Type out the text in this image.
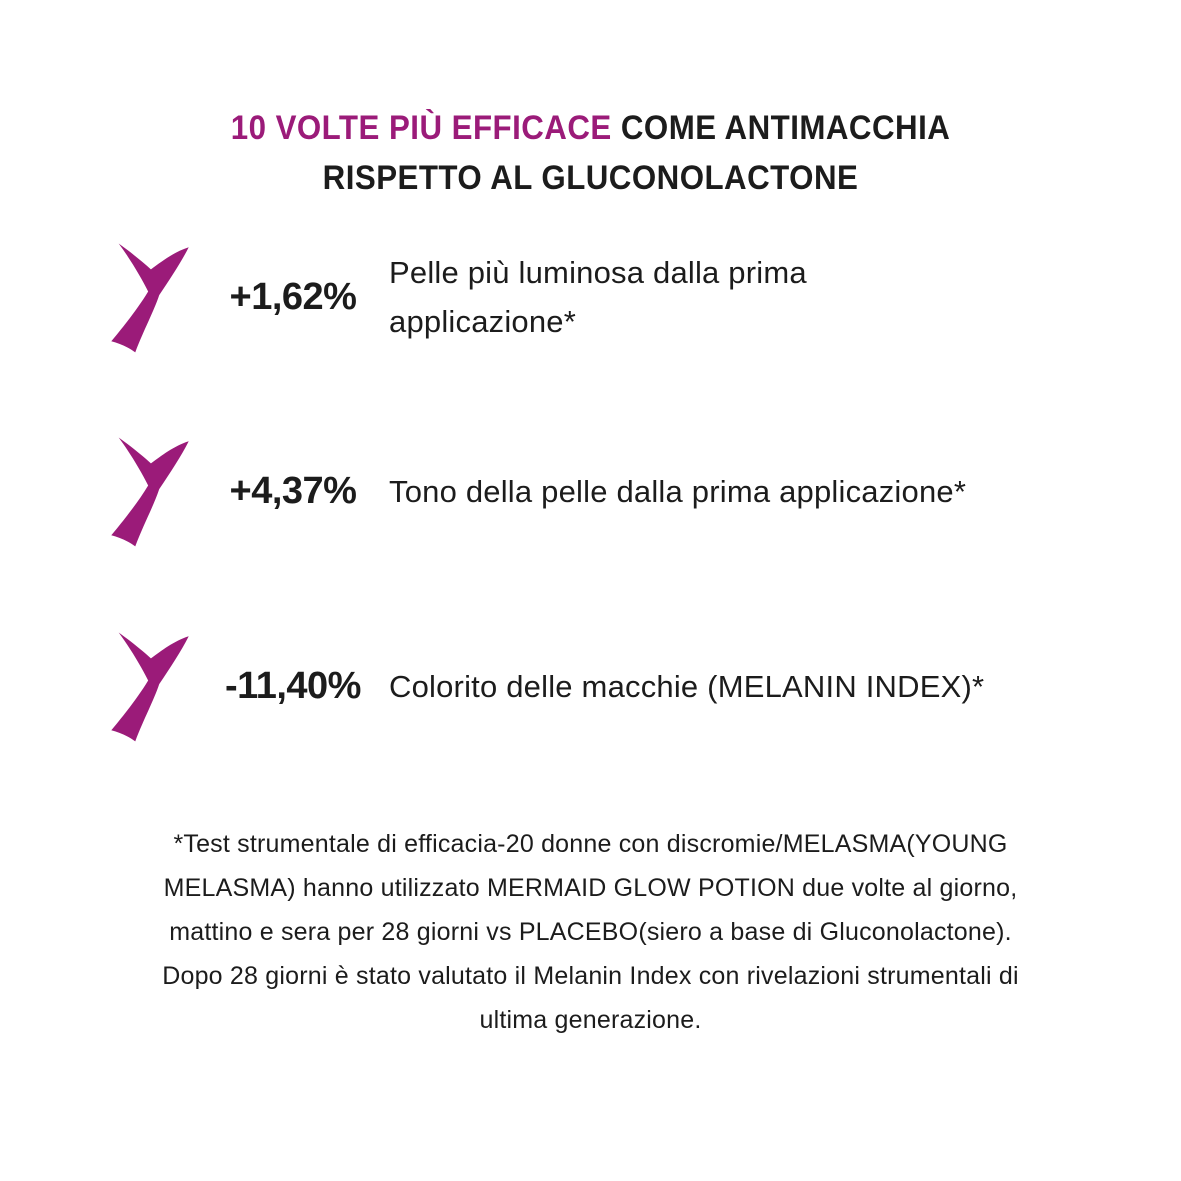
10 VOLTE PIÙ EFFICACE COME ANTIMACCHIA
RISPETTO AL GLUCONOLACTONE
+1,62%
Pelle più luminosa dalla prima
applicazione*
+4,37%	Tono della pelle dalla prima applicazione*
-11,40% Colorito delle macchie (MELANIN INDEX)*
*Test strumentale di efficacia-20 donne con discromie/MELASMA(YOUNG
MELASMA) hanno utilizzato MERMAID GLOW POTION due volte al giorno,
mattino e sera per 28 giorni vs PLACEBO(siero a base di Gluconolactone).
Dopo 28 giorni è stato valutato il Melanin Index con rivelazioni strumentali di
ultima generazione.
